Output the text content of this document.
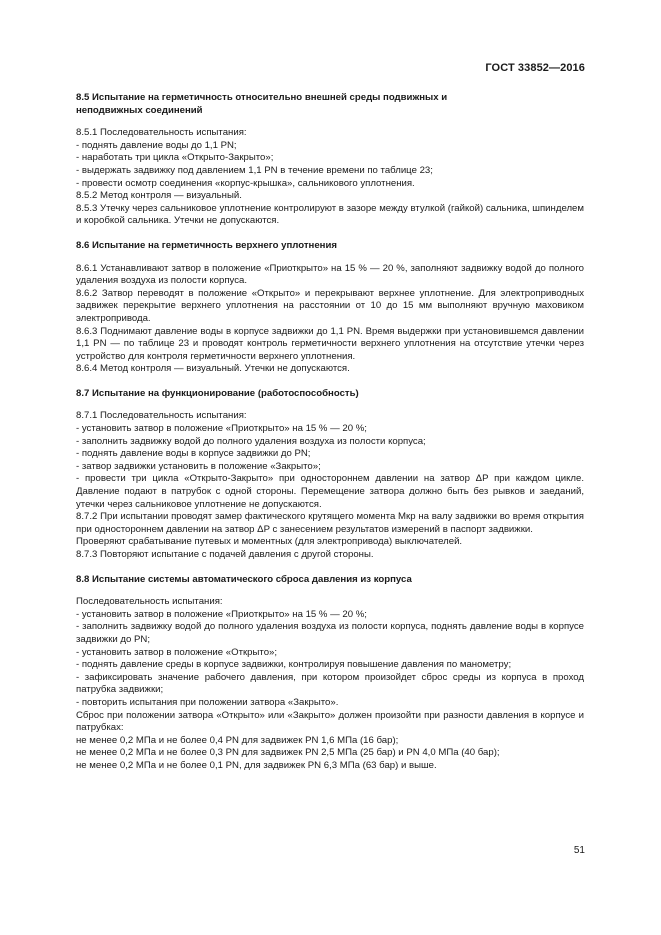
ГОСТ 33852—2016

8.5 Испытание на герметичность относительно внешней среды подвижных и неподвижных соединений

8.5.1 Последовательность испытания:

- поднять давление воды до 1,1 PN;

- наработать три цикла «Открыто-Закрыто»;

- выдержать задвижку под давлением 1,1 PN в течение времени по таблице 23;

- провести осмотр соединения «корпус-крышка», сальникового уплотнения.

8.5.2 Метод контроля — визуальный.

8.5.3 Утечку через сальниковое уплотнение контролируют в зазоре между втулкой (гайкой) сальника, шпинделем и коробкой сальника. Утечки не допускаются.

8.6 Испытание на герметичность верхнего уплотнения

8.6.1 Устанавливают затвор в положение «Приоткрыто» на 15 % — 20 %, заполняют задвижку водой до полного удаления воздуха из полости корпуса.

8.6.2 Затвор переводят в положение «Открыто» и перекрывают верхнее уплотнение. Для электроприводных задвижек перекрытие верхнего уплотнения на расстоянии от 10 до 15 мм выполняют вручную маховиком электропривода.

8.6.3 Поднимают давление воды в корпусе задвижки до 1,1 PN. Время выдержки при установившемся давлении 1,1 PN — по таблице 23 и проводят контроль герметичности верхнего уплотнения на отсутствие утечки через устройство для контроля герметичности верхнего уплотнения.

8.6.4 Метод контроля — визуальный. Утечки не допускаются.

8.7 Испытание на функционирование (работоспособность)

8.7.1 Последовательность испытания:

- установить затвор в положение «Приоткрыто» на 15 % — 20 %;

- заполнить задвижку водой до полного удаления воздуха из полости корпуса;

- поднять давление воды в корпусе задвижки до PN;

- затвор задвижки установить в положение «Закрыто»;

- провести три цикла «Открыто-Закрыто» при одностороннем давлении на затвор ΔP при каждом цикле. Давление подают в патрубок с одной стороны. Перемещение затвора должно быть без рывков и заеданий, утечки через сальниковое уплотнение не допускаются.

8.7.2 При испытании проводят замер фактического крутящего момента Mкр на валу задвижки во время открытия при одностороннем давлении на затвор ΔP с занесением результатов измерений в паспорт задвижки.

Проверяют срабатывание путевых и моментных (для электропривода) выключателей.

8.7.3 Повторяют испытание с подачей давления с другой стороны.

8.8 Испытание системы автоматического сброса давления из корпуса

Последовательность испытания:

- установить затвор в положение «Приоткрыто» на 15 % — 20 %;

- заполнить задвижку водой до полного удаления воздуха из полости корпуса, поднять давление воды в корпусе задвижки до PN;

- установить затвор в положение «Открыто»;

- поднять давление среды в корпусе задвижки, контролируя повышение давления по манометру;

- зафиксировать значение рабочего давления, при котором произойдет сброс среды из корпуса в проход патрубка задвижки;

- повторить испытания при положении затвора «Закрыто».

Сброс при положении затвора «Открыто» или «Закрыто» должен произойти при разности давления в корпусе и патрубках:

не менее 0,2 МПа и не более 0,4 PN для задвижек PN 1,6 МПа (16 бар);

не менее 0,2 МПа и не более 0,3 PN для задвижек PN 2,5 МПа (25 бар) и PN 4,0 МПа (40 бар);

не менее 0,2 МПа и не более 0,1 PN, для задвижек PN 6,3 МПа (63 бар) и выше.

51
